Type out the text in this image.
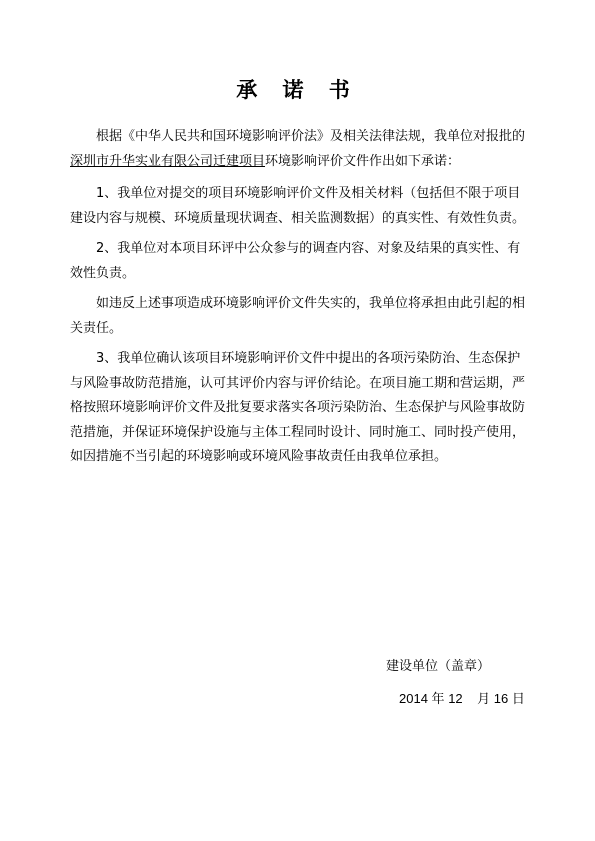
承 诺 书

根据《中华人民共和国环境影响评价法》及相关法律法规，我单位对报批的 深圳市升华实业有限公司迁建项目环境影响评价文件作出如下承诺：

1、我单位对提交的项目环境影响评价文件及相关材料（包括但不限于项目建设内容与规模、环境质量现状调查、相关监测数据）的真实性、有效性负责。

2、我单位对本项目环评中公众参与的调查内容、对象及结果的真实性、有效性负责。

如违反上述事项造成环境影响评价文件失实的，我单位将承担由此引起的相关责任。

3、我单位确认该项目环境影响评价文件中提出的各项污染防治、生态保护与风险事故防范措施，认可其评价内容与评价结论。在项目施工期和营运期，严格按照环境影响评价文件及批复要求落实各项污染防治、生态保护与风险事故防范措施，并保证环境保护设施与主体工程同时设计、同时施工、同时投产使用，如因措施不当引起的环境影响或环境风险事故责任由我单位承担。

建设单位（盖章）
2014 年 12 月 16 日
